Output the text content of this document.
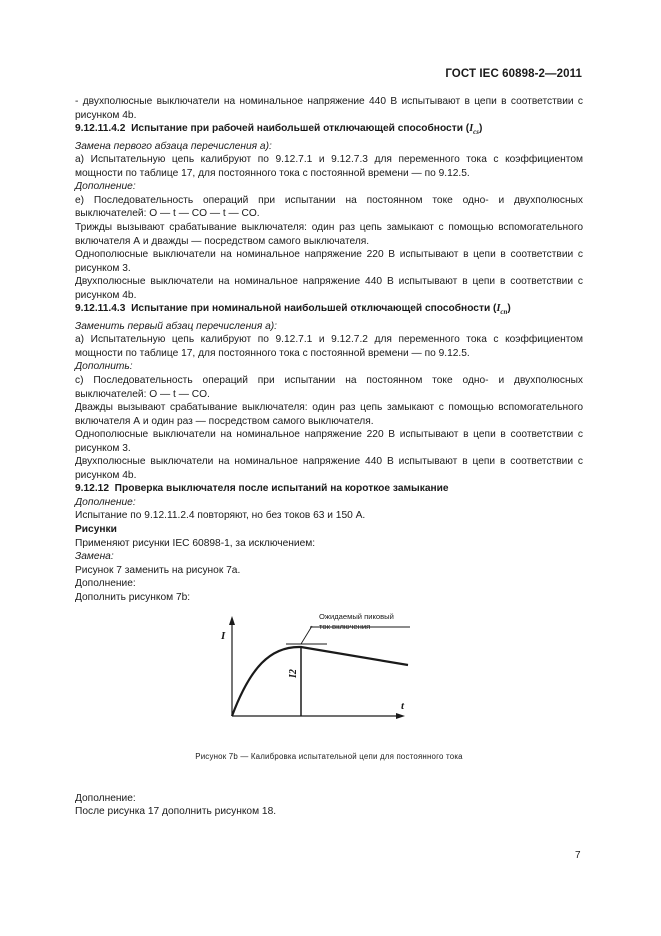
ГОСТ IEC 60898-2—2011

- двухполюсные выключатели на номинальное напряжение 440 В испытывают в цепи в соответствии с рисунком 4b.

9.12.11.4.2 Испытание при рабочей наибольшей отключающей способности $(I_{cs})$

Замена первого абзаца перечисления а):

а) Испытательную цепь калибруют по 9.12.7.1 и 9.12.7.3 для переменного тока с коэффициентом мощности по таблице 17, для постоянного тока с постоянной времени — по 9.12.5.

Дополнение:

е) Последовательность операций при испытании на постоянном токе одно- и двухполюсных выключателей: O — t — CO — t — CO.

Трижды вызывают срабатывание выключателя: один раз цепь замыкают с помощью вспомогательного включателя А и дважды — посредством самого выключателя.

Однополюсные выключатели на номинальное напряжение 220 В испытывают в цепи в соответствии с рисунком 3.

Двухполюсные выключатели на номинальное напряжение 440 В испытывают в цепи в соответствии с рисунком 4b.

9.12.11.4.3 Испытание при номинальной наибольшей отключающей способности $(I_{cn})$

Заменить первый абзац перечисления а):

а) Испытательную цепь калибруют по 9.12.7.1 и 9.12.7.2 для переменного тока с коэффициентом мощности по таблице 17, для постоянного тока с постоянной времени — по 9.12.5.

Дополнить:

с) Последовательность операций при испытании на постоянном токе одно- и двухполюсных выключателей: O — t — CO.

Дважды вызывают срабатывание выключателя: один раз цепь замыкают с помощью вспомогательного включателя А и один раз — посредством самого выключателя.

Однополюсные выключатели на номинальное напряжение 220 В испытывают в цепи в соответствии с рисунком 3.

Двухполюсные выключатели на номинальное напряжение 440 В испытывают в цепи в соответствии с рисунком 4b.

9.12.12 Проверка выключателя после испытаний на короткое замыкание

Дополнение:

Испытание по 9.12.11.2.4 повторяют, но без токов 63 и 150 А.

Рисунки

Применяют рисунки IEC 60898-1, за исключением:

Замена:

Рисунок 7 заменить на рисунок 7а.

Дополнение:

Дополнить рисунком 7b:

I
t
Ожидаемый пиковый
ток включения
I2

Рисунок 7b — Калибровка испытательной цепи для постоянного тока

Дополнение:

После рисунка 17 дополнить рисунком 18.

7
